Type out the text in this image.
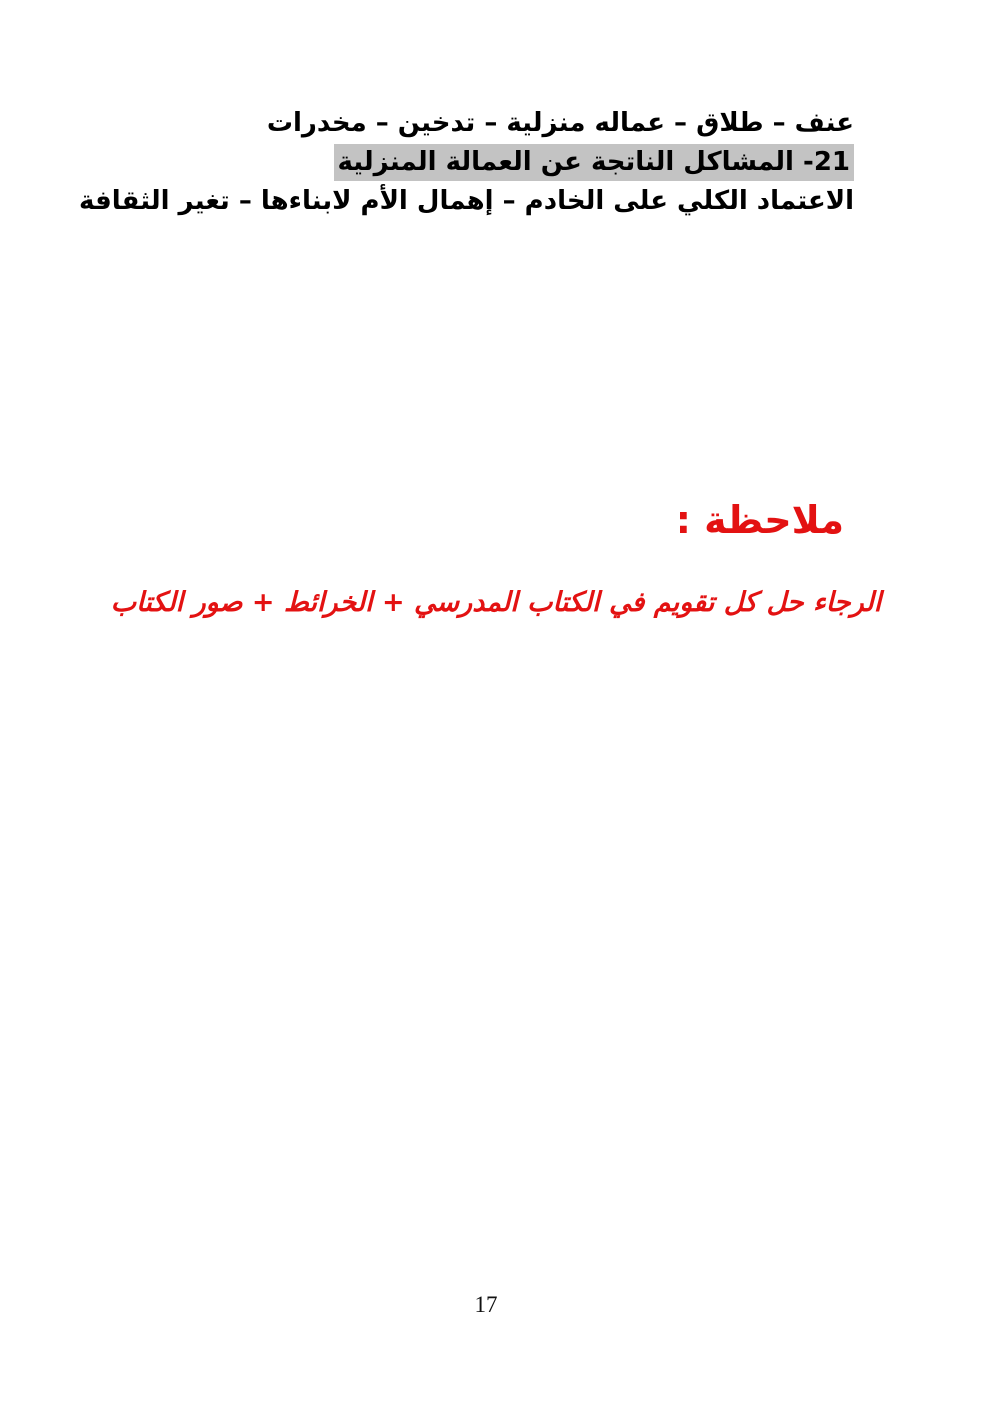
عنف – طلاق – عماله منزلية – تدخين – مخدرات

21- المشاكل الناتجة عن العمالة المنزلية

الاعتماد الكلي على الخادم – إهمال الأم لابناءها – تغير الثقافة

ملاحظة :

الرجاء حل كل تقويم في الكتاب المدرسي + الخرائط + صور الكتاب

17
